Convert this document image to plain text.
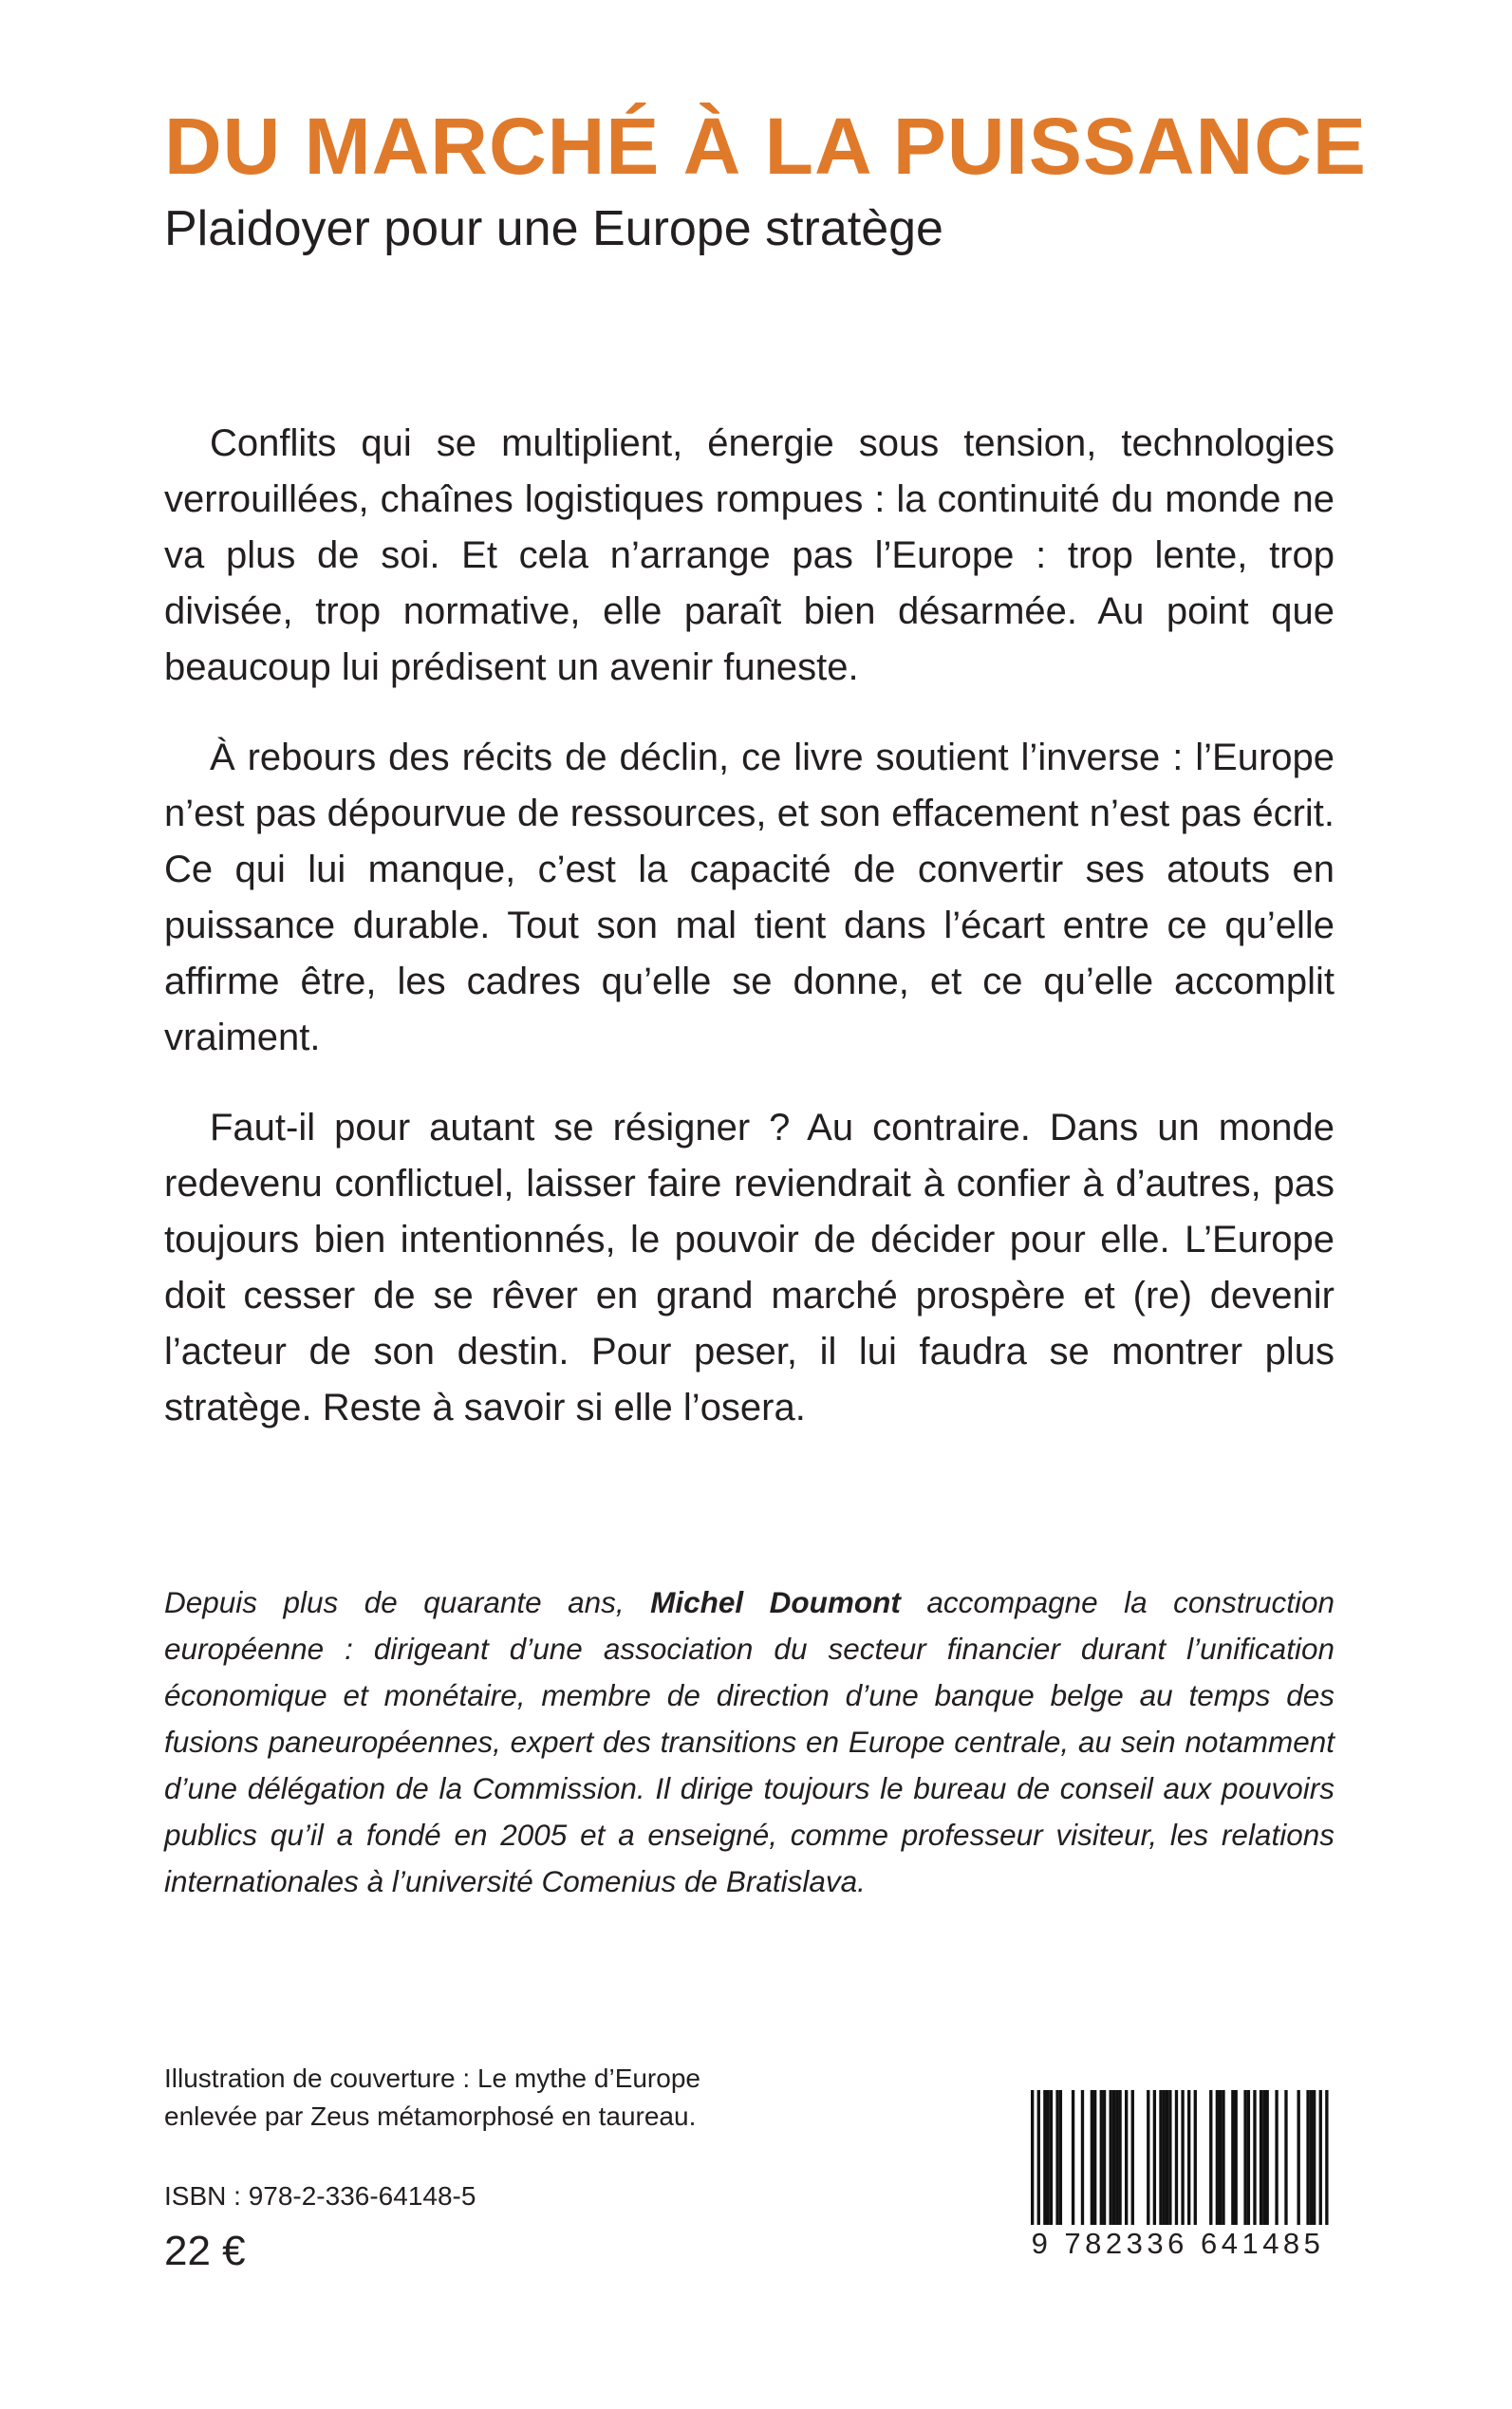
DU MARCHÉ À LA PUISSANCE
Plaidoyer pour une Europe stratège

Conflits qui se multiplient, énergie sous tension, technologies verrouillées, chaînes logistiques rompues : la continuité du monde ne va plus de soi. Et cela n’arrange pas l’Europe : trop lente, trop divisée, trop normative, elle paraît bien désarmée. Au point que beaucoup lui prédisent un avenir funeste.

À rebours des récits de déclin, ce livre soutient l’inverse : l’Europe n’est pas dépourvue de ressources, et son effacement n’est pas écrit. Ce qui lui manque, c’est la capacité de convertir ses atouts en puissance durable. Tout son mal tient dans l’écart entre ce qu’elle affirme être, les cadres qu’elle se donne, et ce qu’elle accomplit vraiment.

Faut-il pour autant se résigner ? Au contraire. Dans un monde redevenu conflictuel, laisser faire reviendrait à confier à d’autres, pas toujours bien intentionnés, le pouvoir de décider pour elle. L’Europe doit cesser de se rêver en grand marché prospère et (re) devenir l’acteur de son destin. Pour peser, il lui faudra se montrer plus stratège. Reste à savoir si elle l’osera.

Depuis plus de quarante ans, Michel Doumont accompagne la construction européenne : dirigeant d’une association du secteur financier durant l’unification économique et monétaire, membre de direction d’une banque belge au temps des fusions paneuropéennes, expert des transitions en Europe centrale, au sein notamment d’une délégation de la Commission. Il dirige toujours le bureau de conseil aux pouvoirs publics qu’il a fondé en 2005 et a enseigné, comme professeur visiteur, les relations internationales à l’université Comenius de Bratislava.

Illustration de couverture : Le mythe d’Europe
enlevée par Zeus métamorphosé en taureau.
ISBN : 978-2-336-64148-5
22 €	9 782336 641485
